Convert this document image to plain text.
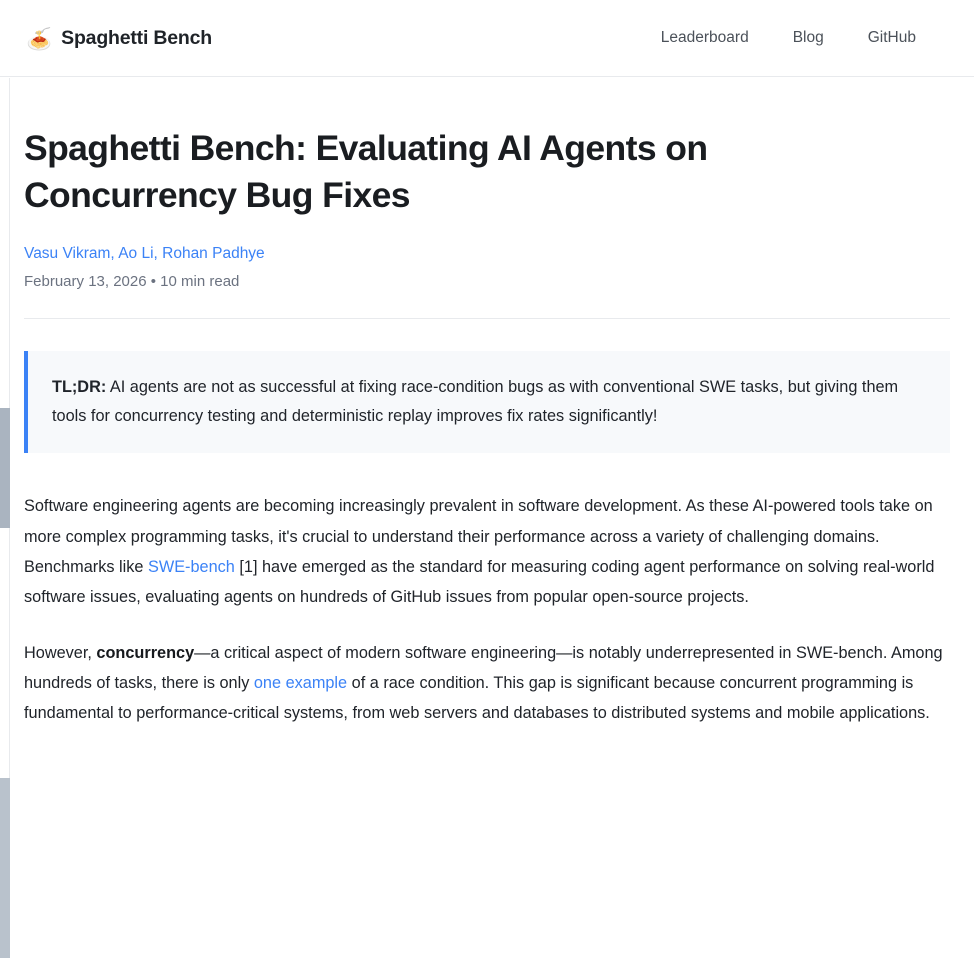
🍝 Spaghetti Bench	Leaderboard	Blog	GitHub
Spaghetti Bench: Evaluating AI Agents on Concurrency Bug Fixes
Vasu Vikram, Ao Li, Rohan Padhye
February 13, 2026 • 10 min read

TL;DR: AI agents are not as successful at fixing race-condition bugs as with conventional SWE tasks, but giving them tools for concurrency testing and deterministic replay improves fix rates significantly!

Software engineering agents are becoming increasingly prevalent in software development. As these AI-powered tools take on more complex programming tasks, it's crucial to understand their performance across a variety of challenging domains. Benchmarks like SWE-bench [1] have emerged as the standard for measuring coding agent performance on solving real-world software issues, evaluating agents on hundreds of GitHub issues from popular open-source projects.

However, concurrency—a critical aspect of modern software engineering—is notably underrepresented in SWE-bench. Among hundreds of tasks, there is only one example of a race condition. This gap is significant because concurrent programming is fundamental to performance-critical systems, from web servers and databases to distributed systems and mobile applications.
